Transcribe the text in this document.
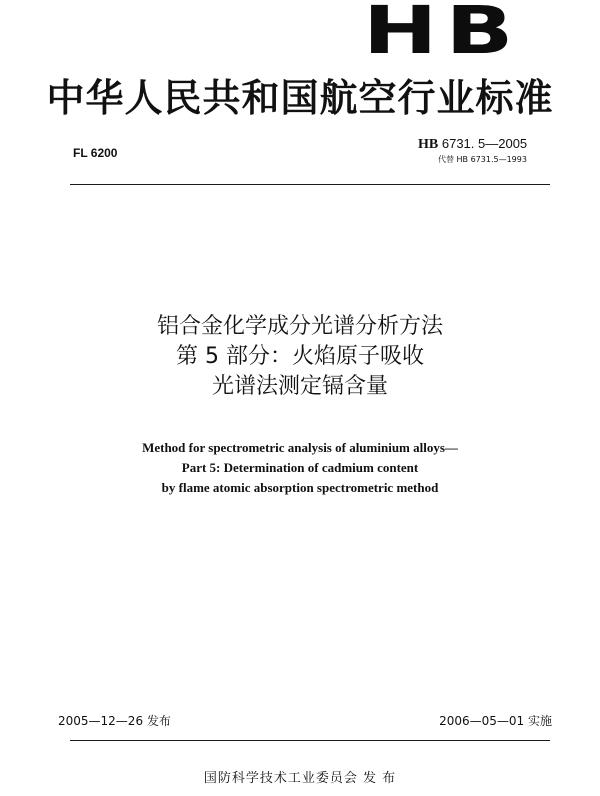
HB
中华人民共和国航空行业标准
FL 6200
HB 6731. 5—2005
代替 HB 6731.5—1993
铝合金化学成分光谱分析方法
第 5 部分：火焰原子吸收
光谱法测定镉含量
Method for spectrometric analysis of aluminium alloys—
Part 5: Determination of cadmium content
by flame atomic absorption spectrometric method
2005—12—26 发布	2006—05—01 实施
国防科学技术工业委员会 发 布
